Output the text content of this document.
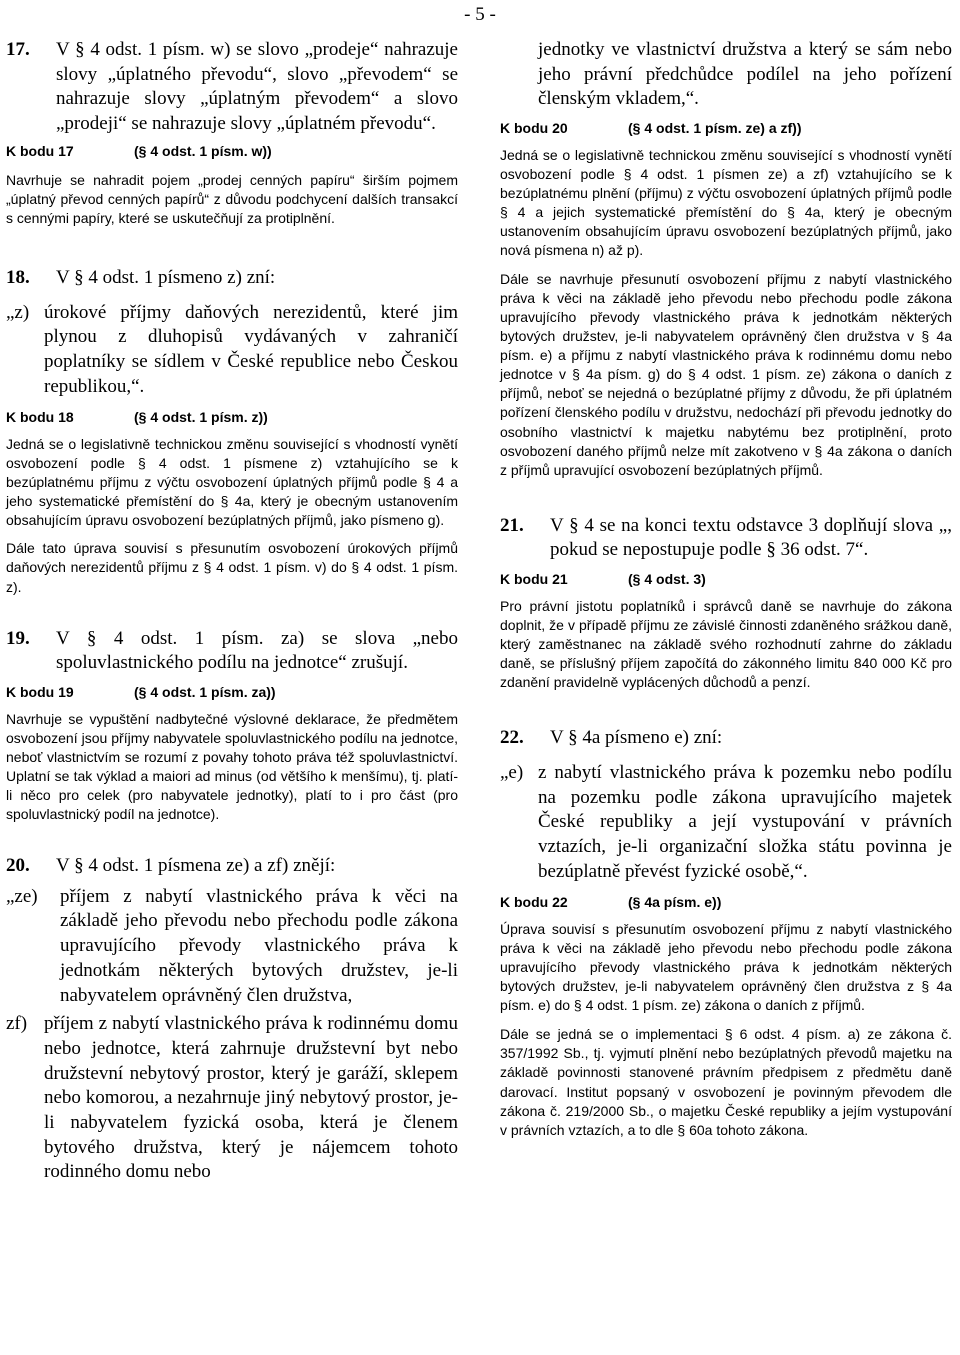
- 5 -
17.	V § 4 odst. 1 písm. w) se slovo „prodeje“ nahrazuje slovy „úplatného převodu“, slovo „převodem“ se nahrazuje slovy „úplatným převodem“ a slovo „prodeji“ se nahrazuje slovy „úplatném převodu“.
K bodu 17	(§ 4 odst. 1 písm. w))

Navrhuje se nahradit pojem „prodej cenných papíru“ širším pojmem „úplatný převod cenných papírů“ z důvodu podchycení dalších transakcí s cennými papíry, které se uskutečňují za protiplnění.

18.	V § 4 odst. 1 písmeno z) zní:
„z) úrokové příjmy daňových nerezidentů, které jim plynou z dluhopisů vydávaných v zahraničí poplatníky se sídlem v České republice nebo Českou republikou,“.
K bodu 18	(§ 4 odst. 1 písm. z))

Jedná se o legislativně technickou změnu související s vhodností vynětí osvobození podle § 4 odst. 1 písmene z) vztahujícího se k bezúplatnému příjmu z výčtu osvobození úplatných příjmů podle § 4 a jeho systematické přemístění do § 4a, který je obecným ustanovením obsahujícím úpravu osvobození bezúplatných příjmů, jako písmeno g).

Dále tato úprava souvisí s přesunutím osvobození úrokových příjmů daňových nerezidentů příjmu z § 4 odst. 1 písm. v) do § 4 odst. 1 písm. z).

19.	V § 4 odst. 1 písm. za) se slova „nebo spoluvlastnického podílu na jednotce“ zrušují.
K bodu 19	(§ 4 odst. 1 písm. za))

Navrhuje se vypuštění nadbytečné výslovné deklarace, že předmětem osvobození jsou příjmy nabyvatele spoluvlastnického podílu na jednotce, neboť vlastnictvím se rozumí z povahy tohoto práva též spoluvlastnictví. Uplatní se tak výklad a maiori ad minus (od většího k menšímu), tj. platí-li něco pro celek (pro nabyvatele jednotky), platí to i pro část (pro spoluvlastnický podíl na jednotce).

20.	V § 4 odst. 1 písmena ze) a zf) znějí:
„ze)	příjem z nabytí vlastnického práva k věci na základě jeho převodu nebo přechodu podle zákona upravujícího převody vlastnického práva k jednotkám některých bytových družstev, je-li nabyvatelem oprávněný člen družstva,
zf) příjem z nabytí vlastnického práva k rodinnému domu nebo jednotce, která zahrnuje družstevní byt nebo družstevní nebytový prostor, který je garáží, sklepem nebo komorou, a nezahrnuje jiný nebytový prostor, je-li nabyvatelem fyzická osoba, která je členem bytového družstva, který je nájemcem tohoto rodinného domu nebo
jednotky ve vlastnictví družstva a který se sám nebo jeho právní předchůdce podílel na jeho pořízení členským vkladem,“.
K bodu 20	(§ 4 odst. 1 písm. ze) a zf))

Jedná se o legislativně technickou změnu související s vhodností vynětí osvobození podle § 4 odst. 1 písmen ze) a zf) vztahujícího se k bezúplatnému plnění (příjmu) z výčtu osvobození úplatných příjmů podle § 4 a jejich systematické přemístění do § 4a, který je obecným ustanovením obsahujícím úpravu osvobození bezúplatných příjmů, jako nová písmena n) až p).

Dále se navrhuje přesunutí osvobození příjmu z nabytí vlastnického práva k věci na základě jeho převodu nebo přechodu podle zákona upravujícího převody vlastnického práva k jednotkám některých bytových družstev, je-li nabyvatelem oprávněný člen družstva v § 4a písm. e) a příjmu z nabytí vlastnického práva k rodinnému domu nebo jednotce v § 4a písm. g) do § 4 odst. 1 písm. ze) zákona o daních z příjmů, neboť se nejedná o bezúplatné příjmy z důvodu, že při úplatném pořízení členského podílu v družstvu, nedochází při převodu jednotky do osobního vlastnictví k majetku nabytému bez protiplnění, proto osvobození daného příjmů nelze mít zakotveno v § 4a zákona o daních z příjmů upravující osvobození bezúplatných příjmů.

21.	V § 4 se na konci textu odstavce 3 doplňují slova „, pokud se nepostupuje podle § 36 odst. 7“.
K bodu 21	(§ 4 odst. 3)

Pro právní jistotu poplatníků i správců daně se navrhuje do zákona doplnit, že v případě příjmu ze závislé činnosti zdaněného srážkou daně, který zaměstnanec na základě svého rozhodnutí zahrne do základu daně, se příslušný příjem započítá do zákonného limitu 840 000 Kč pro zdanění pravidelně vyplácených důchodů a penzí.

22.	V § 4a písmeno e) zní:
„e) z nabytí vlastnického práva k pozemku nebo podílu na pozemku podle zákona upravujícího majetek České republiky a její vystupování v právních vztazích, je-li organizační složka státu povinna je bezúplatně převést fyzické osobě,“.
K bodu 22	(§ 4a písm. e))

Úprava souvisí s přesunutím osvobození příjmu z nabytí vlastnického práva k věci na základě jeho převodu nebo přechodu podle zákona upravujícího převody vlastnického práva k jednotkám některých bytových družstev, je-li nabyvatelem oprávněný člen družstva z § 4a písm. e) do § 4 odst. 1 písm. ze) zákona o daních z příjmů.

Dále se jedná se o implementaci § 6 odst. 4 písm. a) ze zákona č. 357/1992 Sb., tj. vyjmutí plnění nebo bezúplatných převodů majetku na základě povinnosti stanovené právním předpisem z předmětu daně darovací. Institut popsaný v osvobození je povinným převodem dle zákona č. 219/2000 Sb., o majetku České republiky a jejím vystupování v právních vztazích, a to dle § 60a tohoto zákona.
